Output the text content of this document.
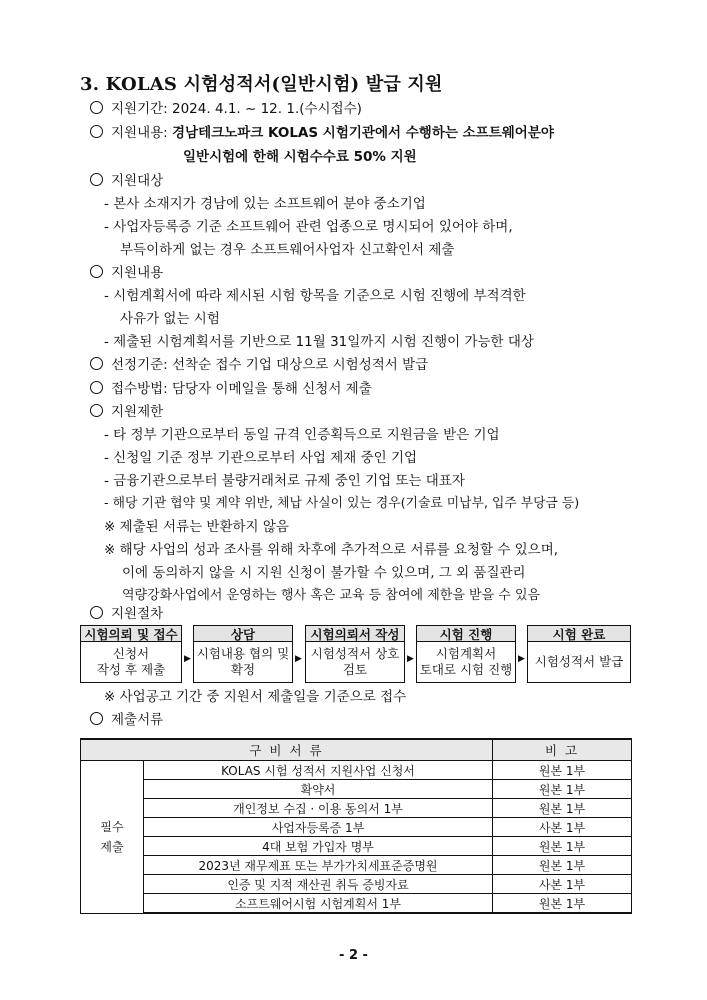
3. KOLAS 시험성적서(일반시험) 발급 지원
지원기간: 2024. 4.1. ~ 12. 1.(수시접수)
지원내용: 경남테크노파크 KOLAS 시험기관에서 수행하는 소프트웨어분야
일반시험에 한해 시험수수료 50% 지원
지원대상
- 본사 소재지가 경남에 있는 소프트웨어 분야 중소기업
- 사업자등록증 기준 소프트웨어 관련 업종으로 명시되어 있어야 하며,
부득이하게 없는 경우 소프트웨어사업자 신고확인서 제출
지원내용
- 시험계획서에 따라 제시된 시험 항목을 기준으로 시험 진행에 부적격한
사유가 없는 시험
- 제출된 시험계획서를 기반으로 11월 31일까지 시험 진행이 가능한 대상
선정기준: 선착순 접수 기업 대상으로 시험성적서 발급
접수방법: 담당자 이메일을 통해 신청서 제출
지원제한
- 타 정부 기관으로부터 동일 규격 인증획득으로 지원금을 받은 기업
- 신청일 기준 정부 기관으로부터 사업 제재 중인 기업
- 금융기관으로부터 불량거래처로 규제 중인 기업 또는 대표자
- 해당 기관 협약 및 계약 위반, 체납 사실이 있는 경우(기술료 미납부, 입주 부당금 등)
※ 제출된 서류는 반환하지 않음
※ 해당 사업의 성과 조사를 위해 차후에 추가적으로 서류를 요청할 수 있으며,
이에 동의하지 않을 시 지원 신청이 불가할 수 있으며, 그 외 품질관리
역량강화사업에서 운영하는 행사 혹은 교육 등 참여에 제한을 받을 수 있음
지원절차
시험의뢰 및 접수
신청서
작성 후 제출
▶
상담
시험내용 협의 및
확정
▶
시험의뢰서 작성
시험성적서 상호
검토
▶
시험 진행
시험계획서
토대로 시험 진행
▶
시험 완료
시험성적서 발급
※ 사업공고 기간 중 지원서 제출일을 기준으로 접수
제출서류
구 비 서 류		비 고

필수
제출	KOLAS 시험 성적서 지원사업 신청서	원본 1부
	확약서	원본 1부
	개인정보 수집 · 이용 동의서 1부	원본 1부
	사업자등록증 1부	사본 1부
	4대 보험 가입자 명부	원본 1부
	2023년 재무제표 또는 부가가치세표준증명원	원본 1부
	인증 및 지적 재산권 취득 증빙자료	사본 1부
	소프트웨어시험 시험계획서 1부	원본 1부
- 2 -
